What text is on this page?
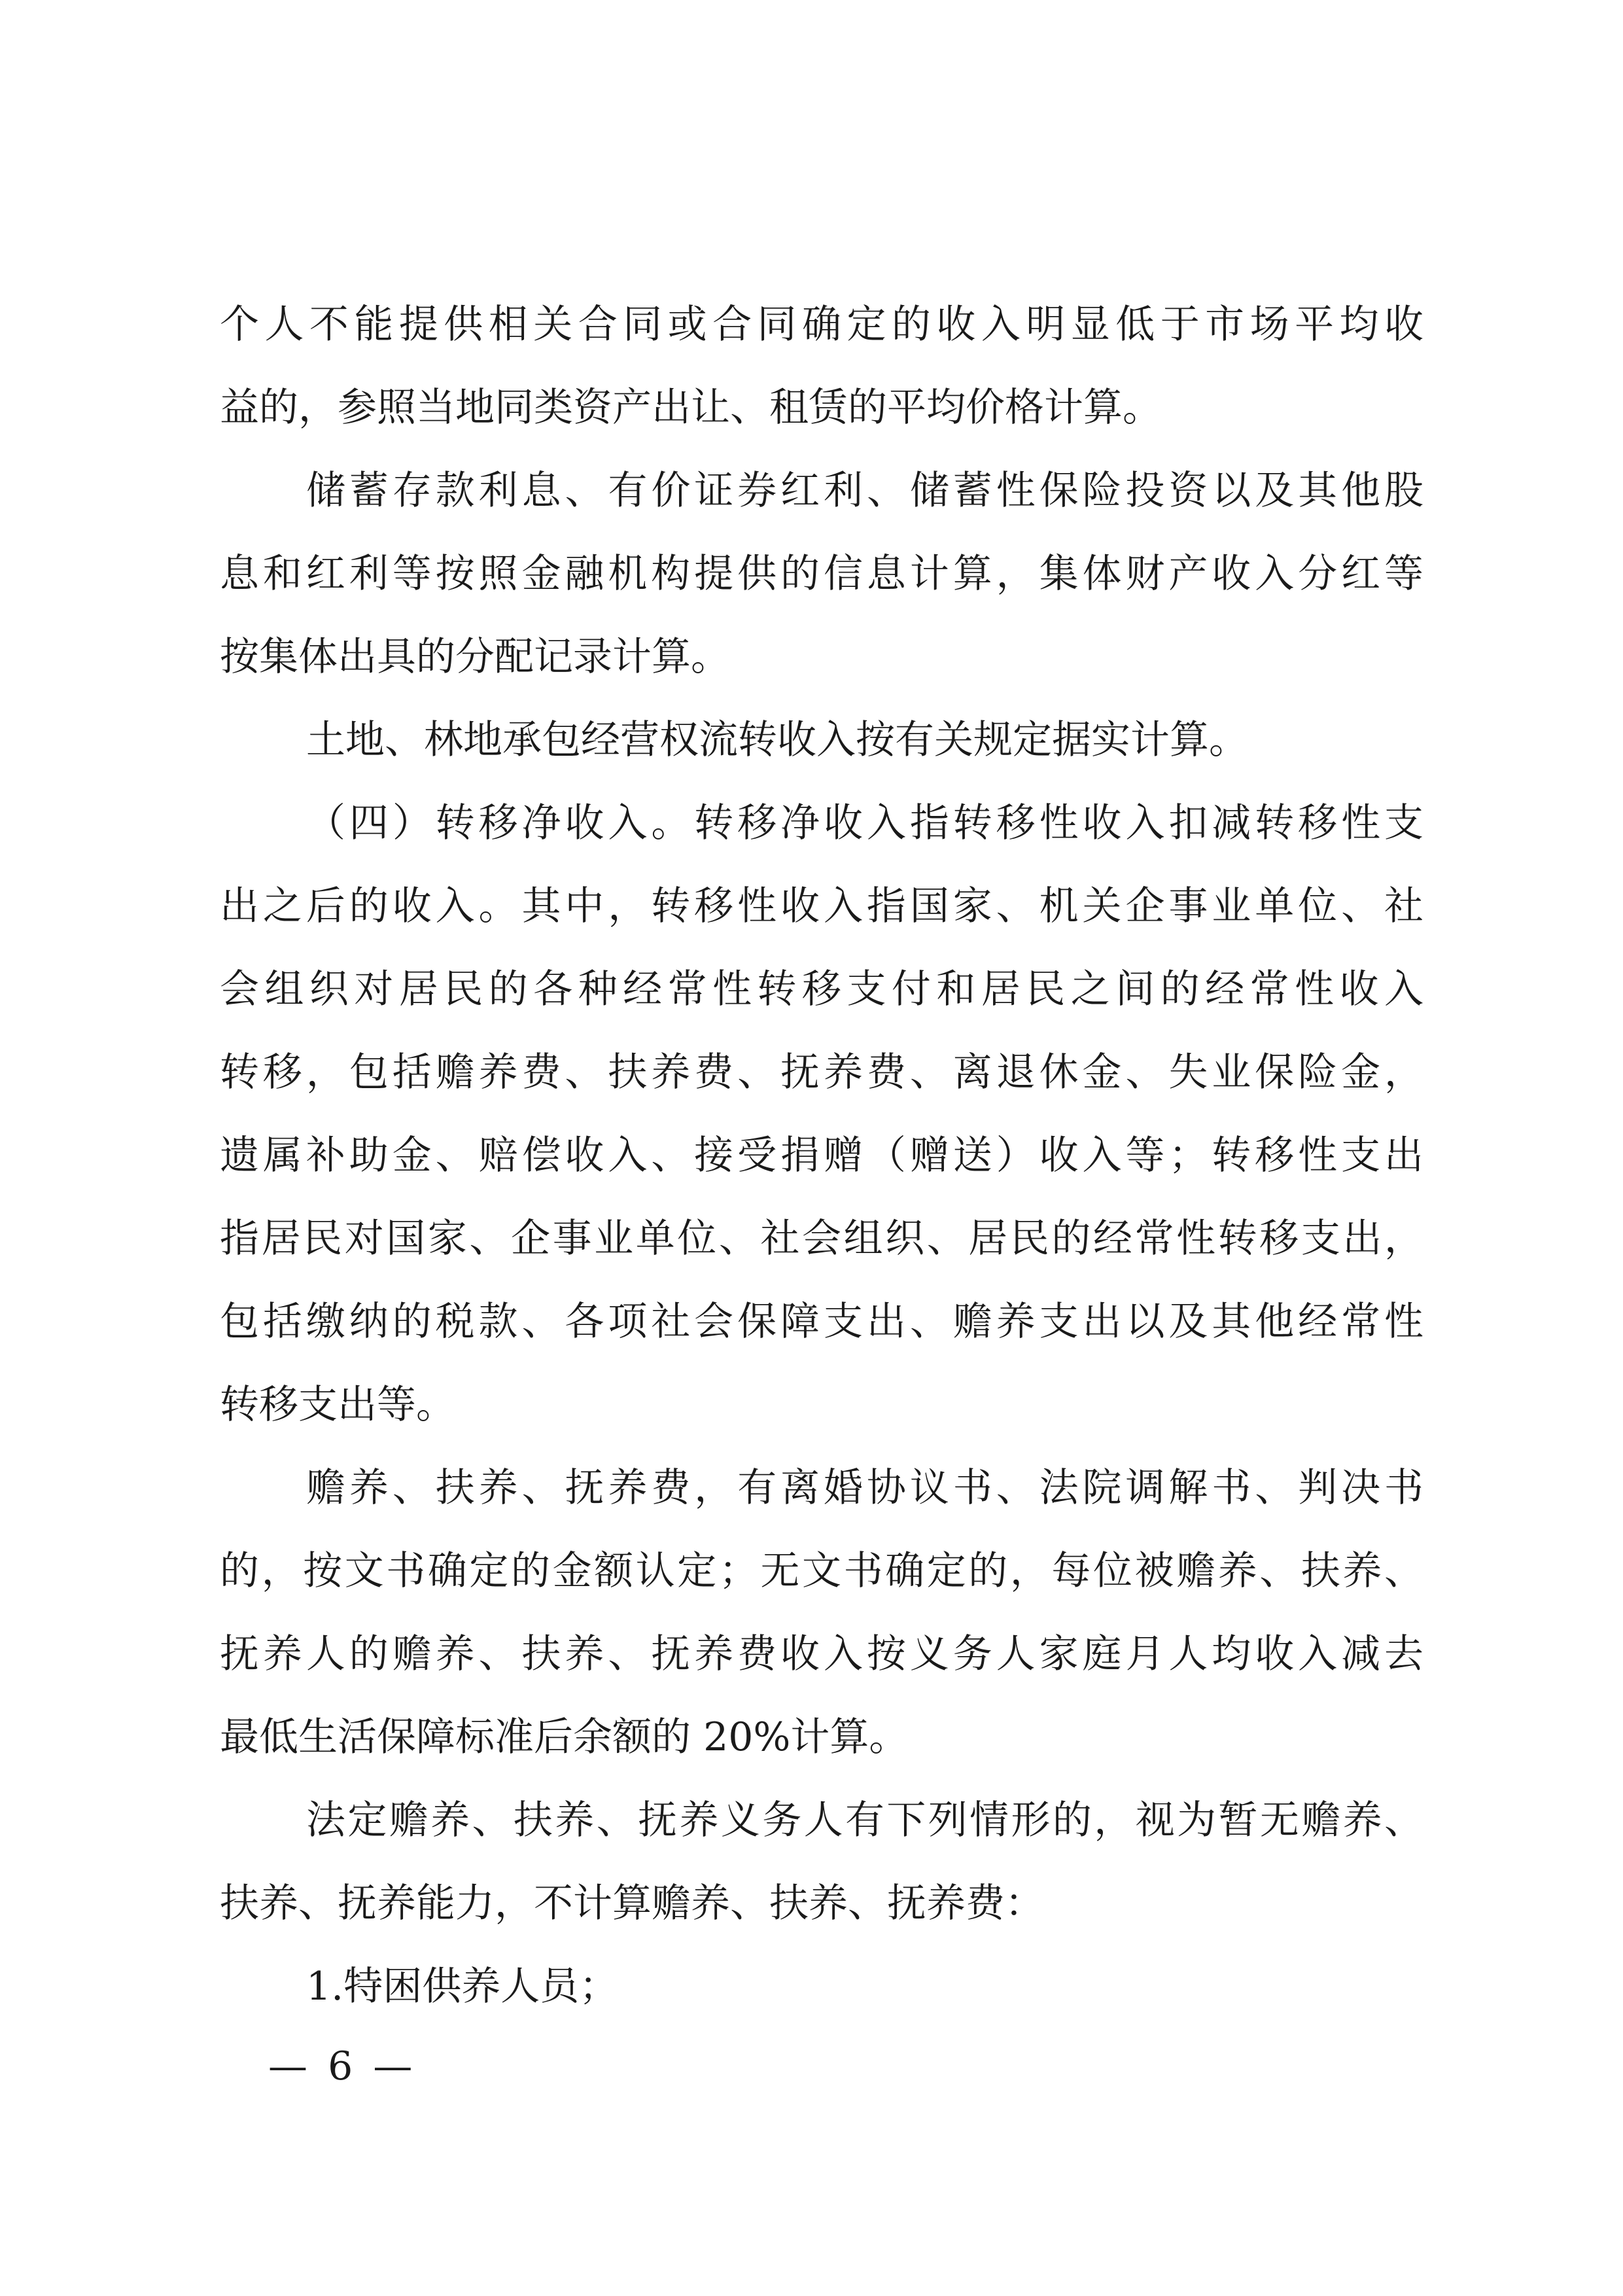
个人不能提供相关合同或合同确定的收入明显低于市场平均收
益的，参照当地同类资产出让、租赁的平均价格计算。
储蓄存款利息、有价证券红利、储蓄性保险投资以及其他股
息和红利等按照金融机构提供的信息计算，集体财产收入分红等
按集体出具的分配记录计算。
土地、林地承包经营权流转收入按有关规定据实计算。
（四）转移净收入。转移净收入指转移性收入扣减转移性支
出之后的收入。其中，转移性收入指国家、机关企事业单位、社
会组织对居民的各种经常性转移支付和居民之间的经常性收入
转移，包括赡养费、扶养费、抚养费、离退休金、失业保险金，
遗属补助金、赔偿收入、接受捐赠（赠送）收入等；转移性支出
指居民对国家、企事业单位、社会组织、居民的经常性转移支出，
包括缴纳的税款、各项社会保障支出、赡养支出以及其他经常性
转移支出等。
赡养、扶养、抚养费，有离婚协议书、法院调解书、判决书
的，按文书确定的金额认定；无文书确定的，每位被赡养、扶养、
抚养人的赡养、扶养、抚养费收入按义务人家庭月人均收入减去
最低生活保障标准后余额的 20%计算。
法定赡养、扶养、抚养义务人有下列情形的，视为暂无赡养、
扶养、抚养能力，不计算赡养、扶养、抚养费：
1.特困供养人员；
— 6 —
